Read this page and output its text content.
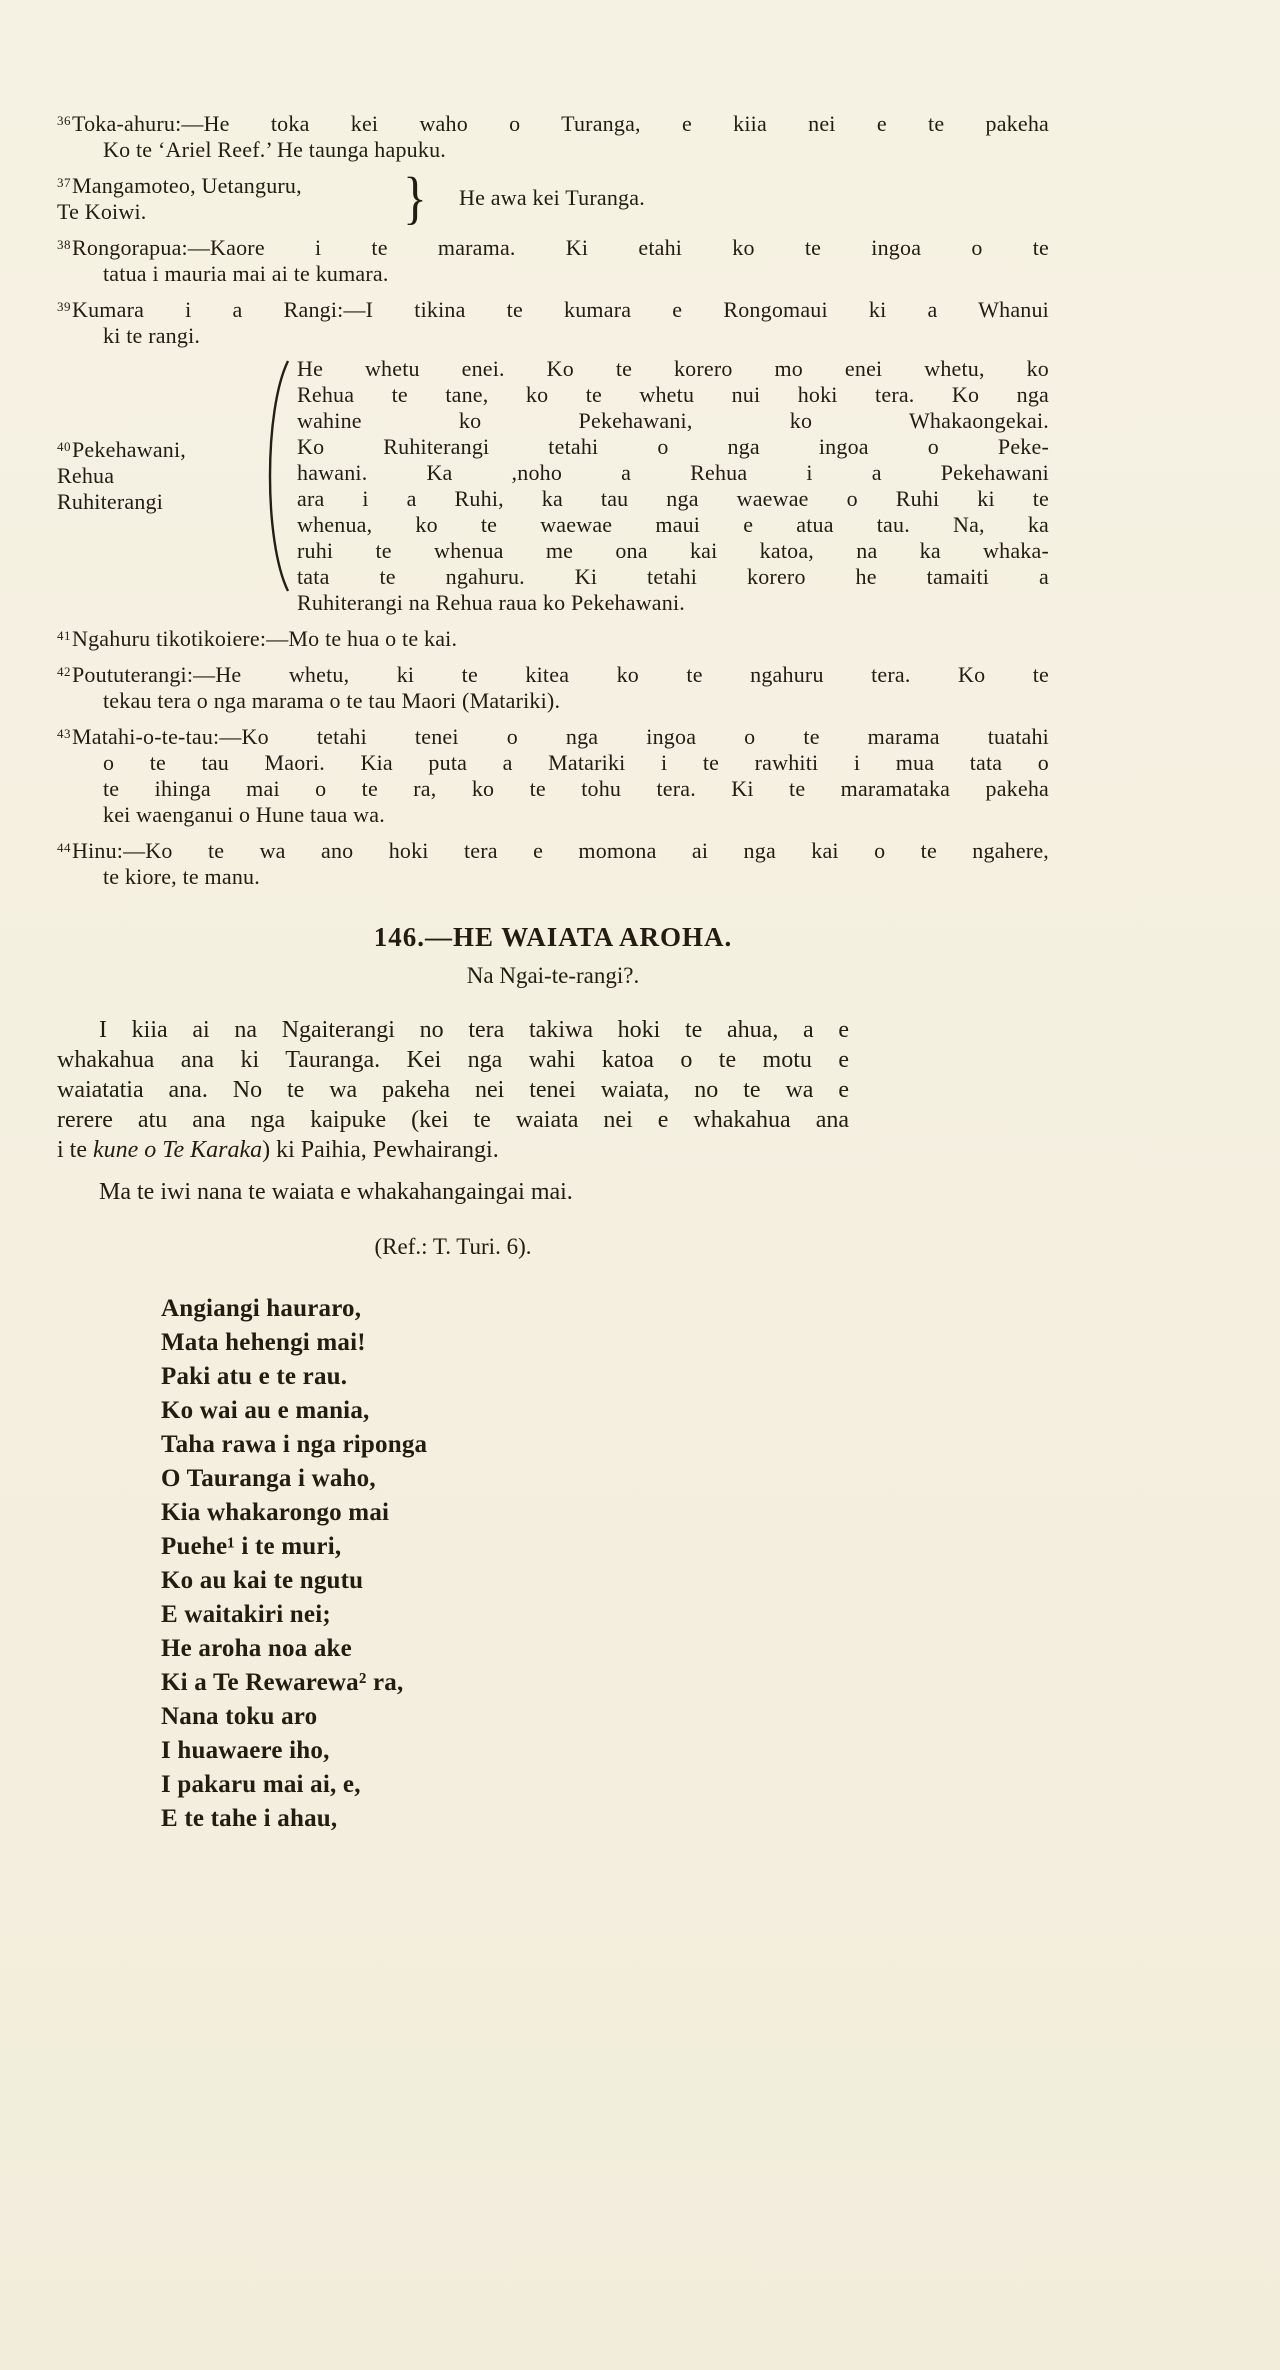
$^{36}$Toka-ahuru:—He toka kei waho o Turanga, e kiia nei e te pakeha
Ko te ‘Ariel Reef.’ He taunga hapuku.
$^{37}$Mangamoteo, Uetanguru,
Te Koiwi.	} He awa kei Turanga.
$^{38}$Rongorapua:—Kaore i te marama. Ki etahi ko te ingoa o te
tatua i mauria mai ai te kumara.
$^{39}$Kumara i a Rangi:—I tikina te kumara e Rongomaui ki a Whanui
ki te rangi.
$^{40}$Pekehawani,
Rehua
Ruhiterangi
He whetu enei. Ko te korero mo enei whetu, ko
Rehua te tane, ko te whetu nui hoki tera. Ko nga
wahine ko Pekehawani, ko Whakaongekai.
Ko Ruhiterangi tetahi o nga ingoa o Peke-
hawani. Ka ,noho a Rehua i a Pekehawani
ara i a Ruhi, ka tau nga waewae o Ruhi ki te
whenua, ko te waewae maui e atua tau. Na, ka
ruhi te whenua me ona kai katoa, na ka whaka-
tata te ngahuru. Ki tetahi korero he tamaiti a
Ruhiterangi na Rehua raua ko Pekehawani.
$^{41}$Ngahuru tikotikoiere:—Mo te hua o te kai.
$^{42}$Poututerangi:—He whetu, ki te kitea ko te ngahuru tera. Ko te
tekau tera o nga marama o te tau Maori (Matariki).
$^{43}$Matahi-o-te-tau:—Ko tetahi tenei o nga ingoa o te marama tuatahi
o te tau Maori. Kia puta a Matariki i te rawhiti i mua tata o
te ihinga mai o te ra, ko te tohu tera. Ki te maramataka pakeha
kei waenganui o Hune taua wa.
$^{44}$Hinu:—Ko te wa ano hoki tera e momona ai nga kai o te ngahere,
te kiore, te manu.
146.—HE WAIATA AROHA.
Na Ngai-te-rangi?.
I kiia ai na Ngaiterangi no tera takiwa hoki te ahua, a e
whakahua ana ki Tauranga. Kei nga wahi katoa o te motu e
waiatatia ana. No te wa pakeha nei tenei waiata, no te wa e
rerere atu ana nga kaipuke (kei te waiata nei e whakahua ana
i te kune o Te Karaka) ki Paihia, Pewhairangi.
Ma te iwi nana te waiata e whakahangaingai mai.
(Ref.: T. Turi. 6).
Angiangi hauraro,
Mata hehengi mai!
Paki atu e te rau.
Ko wai au e mania,
Taha rawa i nga riponga
O Tauranga i waho,
Kia whakarongo mai
Puehe¹ i te muri,
Ko au kai te ngutu
E waitakiri nei;
He aroha noa ake
Ki a Te Rewarewa² ra,
Nana toku aro
I huawaere iho,
I pakaru mai ai, e,
E te tahe i ahau,
